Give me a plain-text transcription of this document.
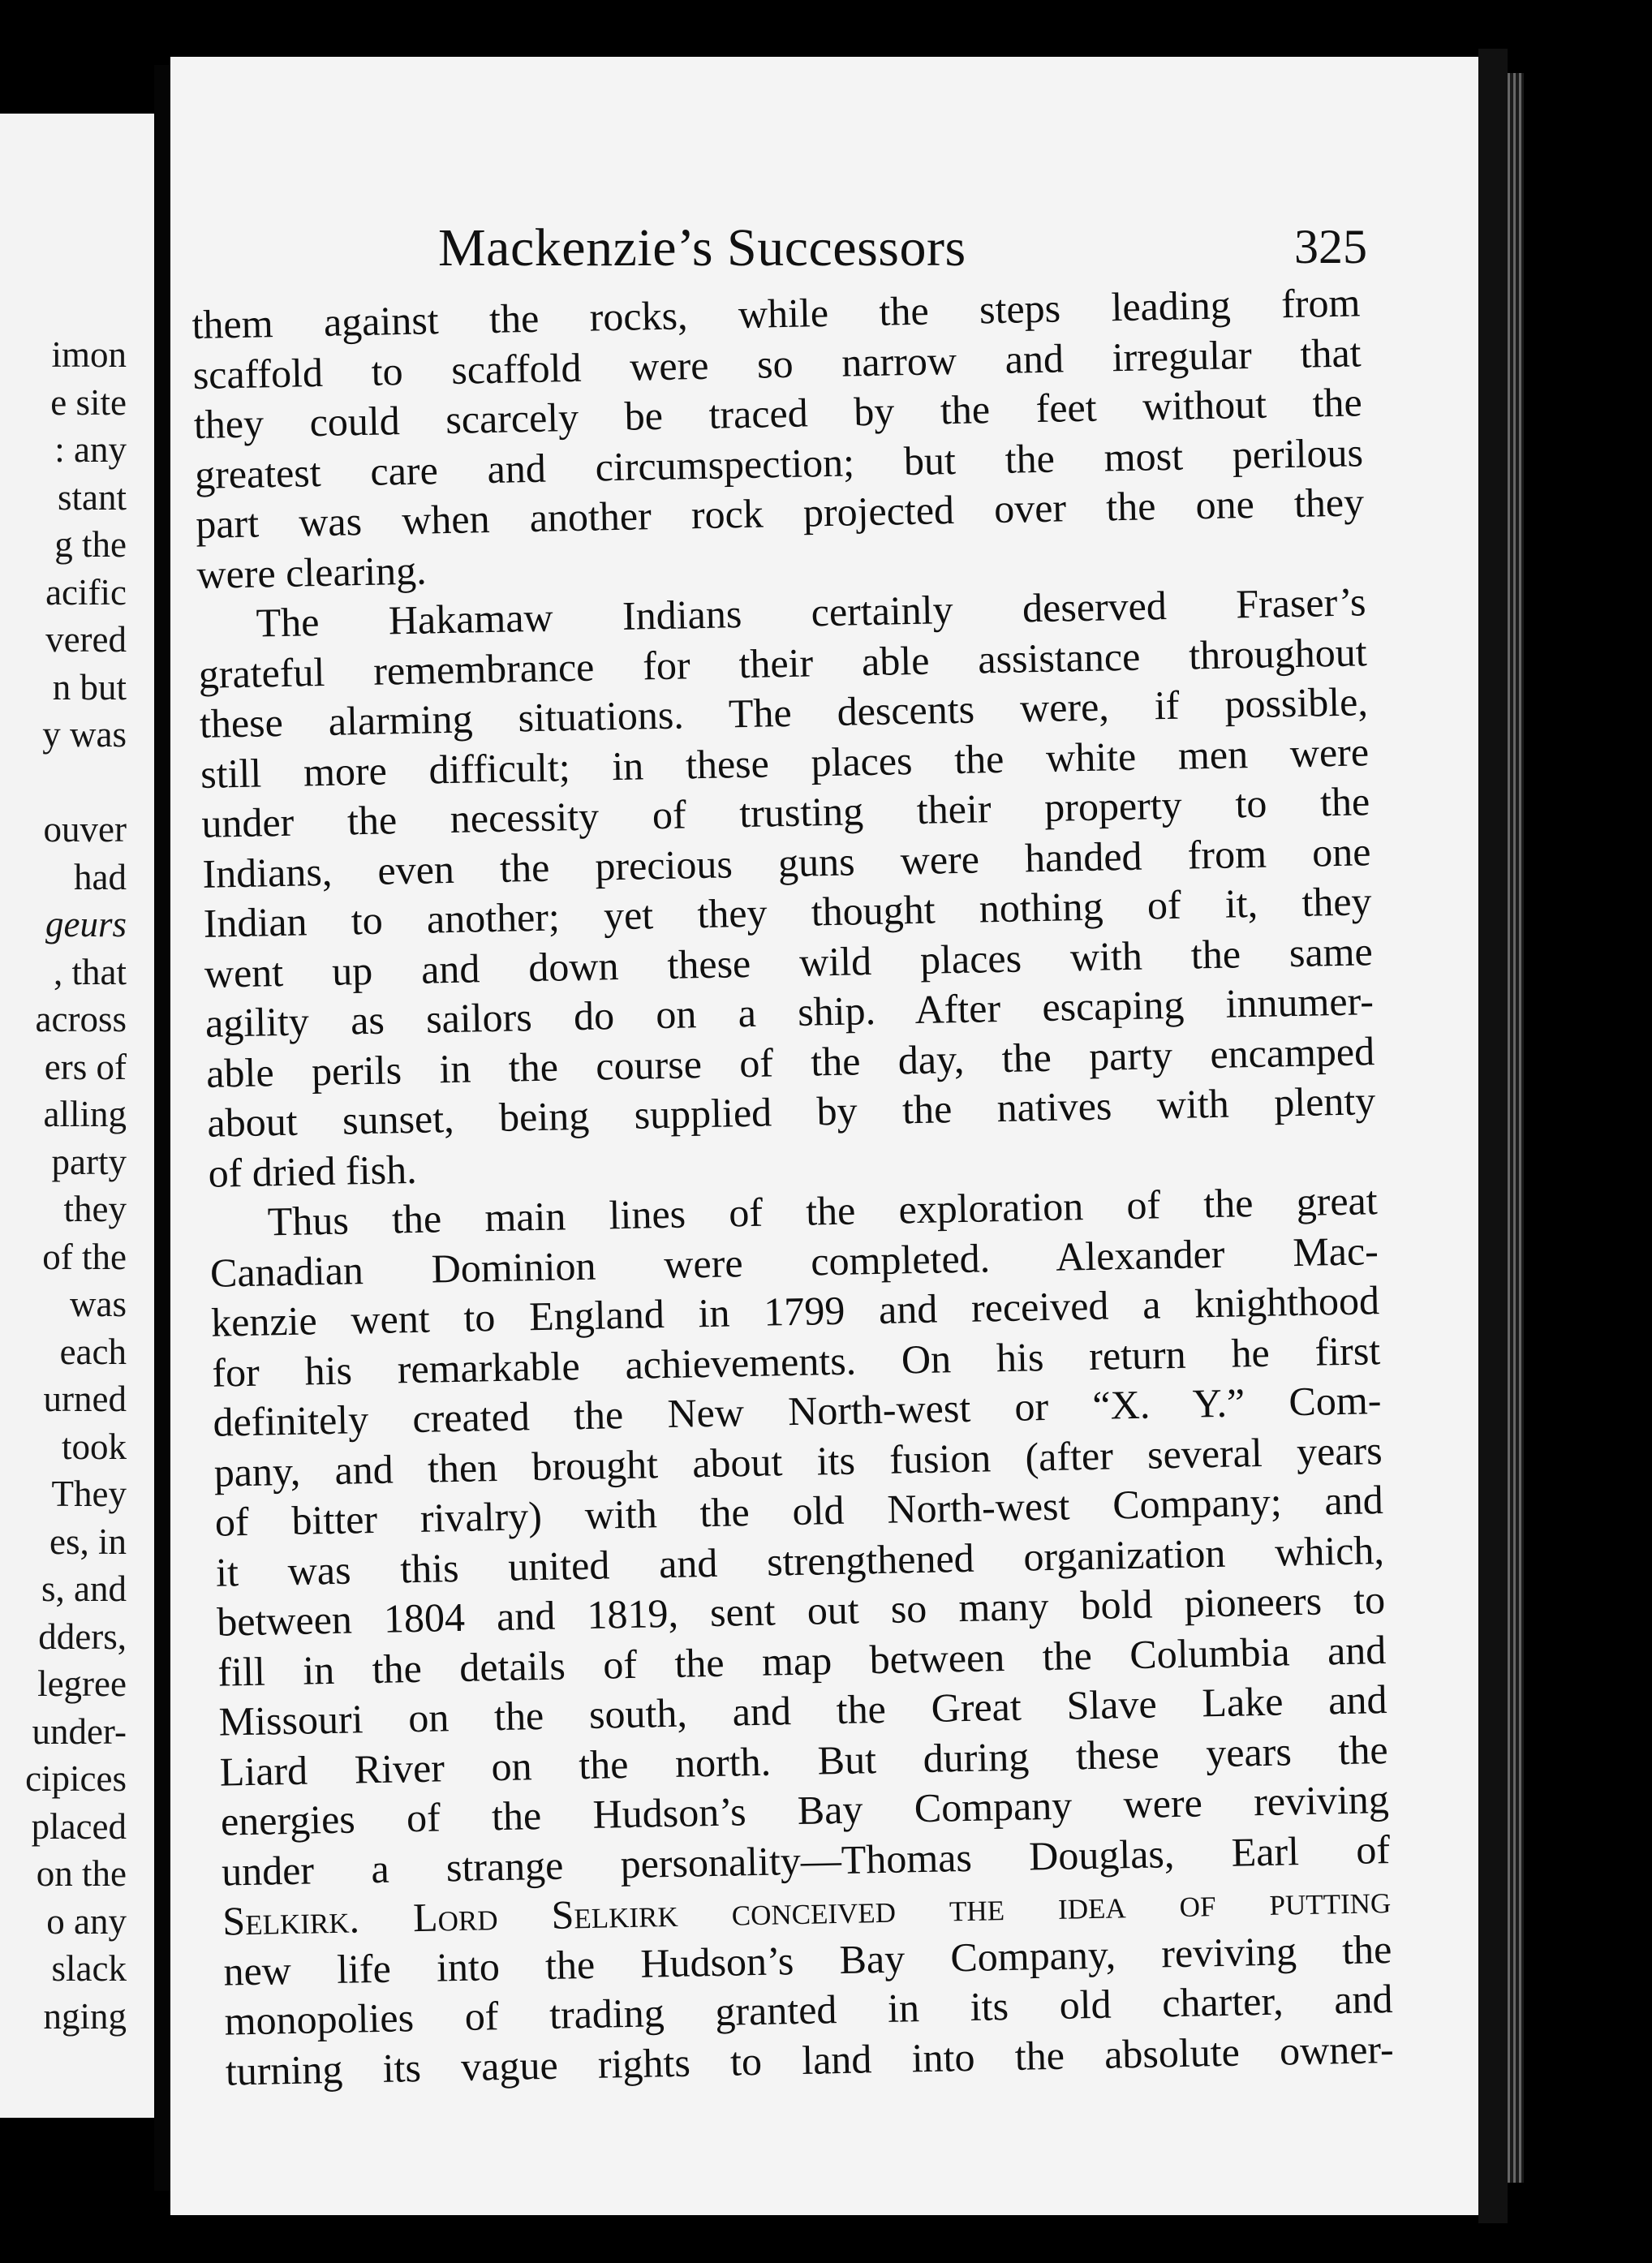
imon
e site
: any
stant
g the
acific
vered
n but
y was
ouver
had
geurs
, that
across
ers of
alling
party
they
of the
was
each
urned
took
They
es, in
s, and
dders,
legree
under-
cipices
placed
on the
o any
slack
nging
Mackenzie’s Successors	325
them against the rocks, while the steps leading from
scaffold to scaffold were so narrow and irregular that
they could scarcely be traced by the feet without the
greatest care and circumspection; but the most perilous
part was when another rock projected over the one they
were clearing.
The Hakamaw Indians certainly deserved Fraser’s
grateful remembrance for their able assistance throughout
these alarming situations. The descents were, if possible,
still more difficult; in these places the white men were
under the necessity of trusting their property to the
Indians, even the precious guns were handed from one
Indian to another; yet they thought nothing of it, they
went up and down these wild places with the same
agility as sailors do on a ship. After escaping innumer-
able perils in the course of the day, the party encamped
about sunset, being supplied by the natives with plenty
of dried fish.
Thus the main lines of the exploration of the great
Canadian Dominion were completed. Alexander Mac-
kenzie went to England in 1799 and received a knighthood
for his remarkable achievements. On his return he first
definitely created the New North-west or “X. Y.” Com-
pany, and then brought about its fusion (after several years
of bitter rivalry) with the old North-west Company; and
it was this united and strengthened organization which,
between 1804 and 1819, sent out so many bold pioneers to
fill in the details of the map between the Columbia and
Missouri on the south, and the Great Slave Lake and
Liard River on the north. But during these years the
energies of the Hudson’s Bay Company were reviving
under a strange personality—Thomas Douglas, Earl of
Selkirk. Lord Selkirk conceived the idea of putting
new life into the Hudson’s Bay Company, reviving the
monopolies of trading granted in its old charter, and
turning its vague rights to land into the absolute owner-
